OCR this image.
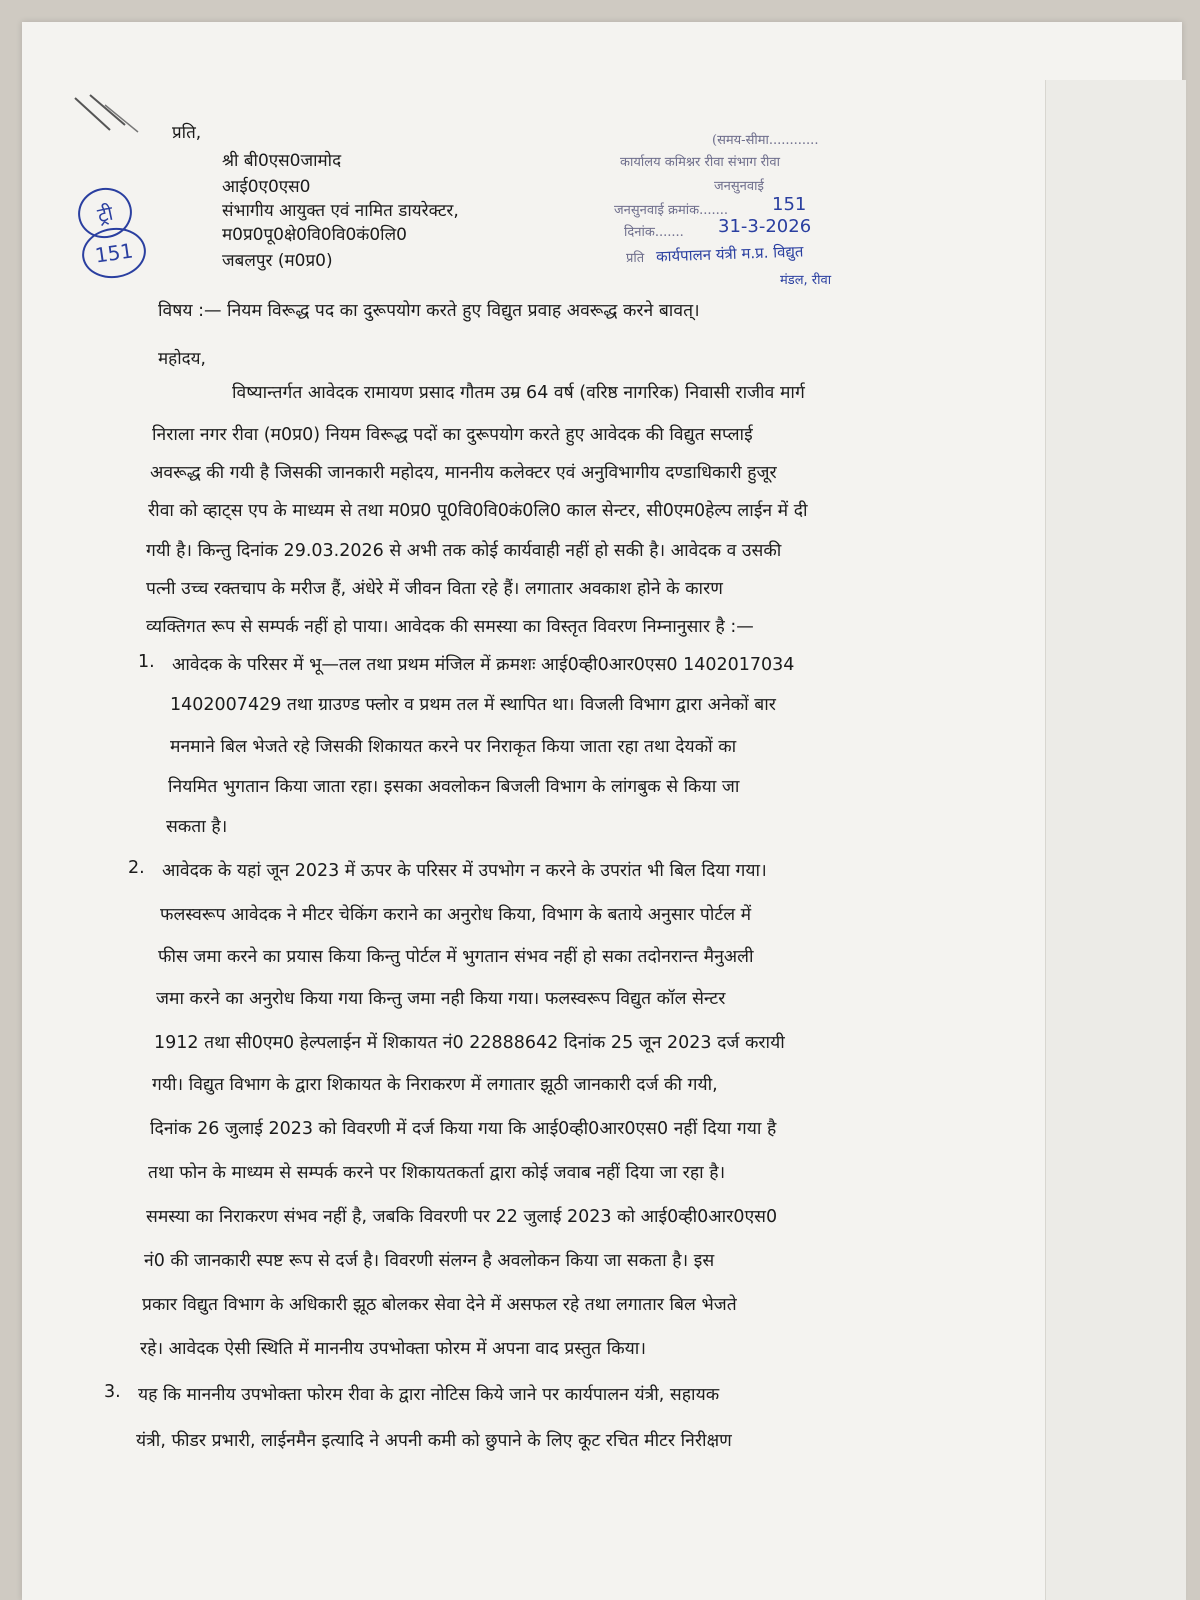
ट्री
151
प्रति,
श्री बी0एस0जामोद
आई0ए0एस0
संभागीय आयुक्त एवं नामित डायरेक्टर,
म0प्र0पू0क्षे0वि0वि0कं0लि0
जबलपुर (म0प्र0)
(समय-सीमा............
कार्यालय कमिश्नर रीवा संभाग रीवा
जनसुनवाई
जनसुनवाई क्रमांक....... 151
दिनांक....... 31-3-2026
प्रति कार्यपालन यंत्री म.प्र. विद्युत
मंडल, रीवा
विषय :— नियम विरूद्ध पद का दुरूपयोग करते हुए विद्युत प्रवाह अवरूद्ध करने बावत्।
महोदय,
विष्यान्तर्गत आवेदक रामायण प्रसाद गौतम उम्र 64 वर्ष (वरिष्ठ नागरिक) निवासी राजीव मार्ग
निराला नगर रीवा (म0प्र0) नियम विरूद्ध पदों का दुरूपयोग करते हुए आवेदक की विद्युत सप्लाई
अवरूद्ध की गयी है जिसकी जानकारी महोदय, माननीय कलेक्टर एवं अनुविभागीय दण्डाधिकारी हुजूर
रीवा को व्हाट्स एप के माध्यम से तथा म0प्र0 पू0वि0वि0कं0लि0 काल सेन्टर, सी0एम0हेल्प लाईन में दी
गयी है। किन्तु दिनांक 29.03.2026 से अभी तक कोई कार्यवाही नहीं हो सकी है। आवेदक व उसकी
पत्नी उच्च रक्तचाप के मरीज हैं, अंधेरे में जीवन विता रहे हैं। लगातार अवकाश होने के कारण
व्यक्तिगत रूप से सम्पर्क नहीं हो पाया। आवेदक की समस्या का विस्तृत विवरण निम्नानुसार है :—
1. आवेदक के परिसर में भू—तल तथा प्रथम मंजिल में क्रमशः आई0व्ही0आर0एस0 1402017034
1402007429 तथा ग्राउण्ड फ्लोर व प्रथम तल में स्थापित था। विजली विभाग द्वारा अनेकों बार
मनमाने बिल भेजते रहे जिसकी शिकायत करने पर निराकृत किया जाता रहा तथा देयकों का
नियमित भुगतान किया जाता रहा। इसका अवलोकन बिजली विभाग के लांगबुक से किया जा
सकता है।
2. आवेदक के यहां जून 2023 में ऊपर के परिसर में उपभोग न करने के उपरांत भी बिल दिया गया।
फलस्वरूप आवेदक ने मीटर चेकिंग कराने का अनुरोध किया, विभाग के बताये अनुसार पोर्टल में
फीस जमा करने का प्रयास किया किन्तु पोर्टल में भुगतान संभव नहीं हो सका तदोनरान्त मैनुअली
जमा करने का अनुरोध किया गया किन्तु जमा नही किया गया। फलस्वरूप विद्युत कॉल सेन्टर
1912 तथा सी0एम0 हेल्पलाईन में शिकायत नं0 22888642 दिनांक 25 जून 2023 दर्ज करायी
गयी। विद्युत विभाग के द्वारा शिकायत के निराकरण में लगातार झूठी जानकारी दर्ज की गयी,
दिनांक 26 जुलाई 2023 को विवरणी में दर्ज किया गया कि आई0व्ही0आर0एस0 नहीं दिया गया है
तथा फोन के माध्यम से सम्पर्क करने पर शिकायतकर्ता द्वारा कोई जवाब नहीं दिया जा रहा है।
समस्या का निराकरण संभव नहीं है, जबकि विवरणी पर 22 जुलाई 2023 को आई0व्ही0आर0एस0
नं0 की जानकारी स्पष्ट रूप से दर्ज है। विवरणी संलग्न है अवलोकन किया जा सकता है। इस
प्रकार विद्युत विभाग के अधिकारी झूठ बोलकर सेवा देने में असफल रहे तथा लगातार बिल भेजते
रहे। आवेदक ऐसी स्थिति में माननीय उपभोक्ता फोरम में अपना वाद प्रस्तुत किया।
3. यह कि माननीय उपभोक्ता फोरम रीवा के द्वारा नोटिस किये जाने पर कार्यपालन यंत्री, सहायक
यंत्री, फीडर प्रभारी, लाईनमैन इत्यादि ने अपनी कमी को छुपाने के लिए कूट रचित मीटर निरीक्षण
